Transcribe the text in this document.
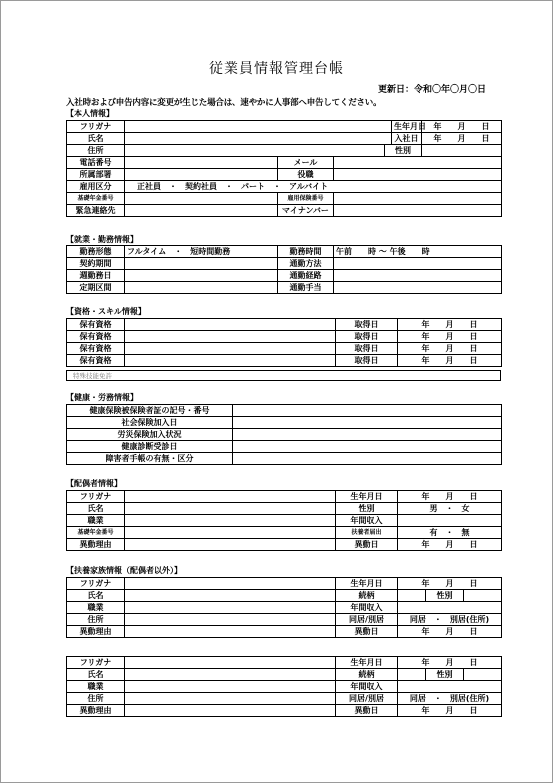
従業員情報管理台帳
更新日：令和〇年〇月〇日
入社時および申告内容に変更が生じた場合は、速やかに人事部へ申告してください。
【本人情報】
フリガナ				生年月日	年　　月　　日
氏名				入社日	年　　月　　日
住所	性別				

電話番号		メール			
所属部署		役職			
雇用区分	正社員　・　契約社員　・　パート　・　アルバイト				
基礎年金番号		雇用保険番号			
緊急連絡先		マイナンバー			
【就業・勤務情報】
勤務形態	フルタイム　・　短時間勤務	勤務時間	午前　　時 ～ 午後　　時
契約期間		通勤方法	
週勤務日		通勤経路	
定期区間		通勤手当	
【資格・スキル情報】
保有資格		取得日	年　　月　　日
保有資格		取得日	年　　月　　日
保有資格		取得日	年　　月　　日
保有資格		取得日	年　　月　　日
特殊技能免許
【健康・労務情報】
健康保険被保険者証の記号・番号	
社会保険加入日	
労災保険加入状況	
健康診断受診日	
障害者手帳の有無・区分	
【配偶者情報】
フリガナ		生年月日	年　　月　　日
氏名		性別	男　・　女
職業		年間収入	
基礎年金番号		扶養者届出	有　・　無
異動理由		異動日	年　　月　　日
【扶養家族情報（配偶者以外）】
フリガナ		生年月日	年　　月　　日		
氏名		続柄		性別	
職業		年間収入			
住所		同居/別居	同居　・　別居(住所)		
異動理由		異動日	年　　月　　日		
フリガナ		生年月日	年　　月　　日		
氏名		続柄		性別	
職業		年間収入			
住所		同居/別居	同居　・　別居(住所)		
異動理由		異動日	年　　月　　日		
